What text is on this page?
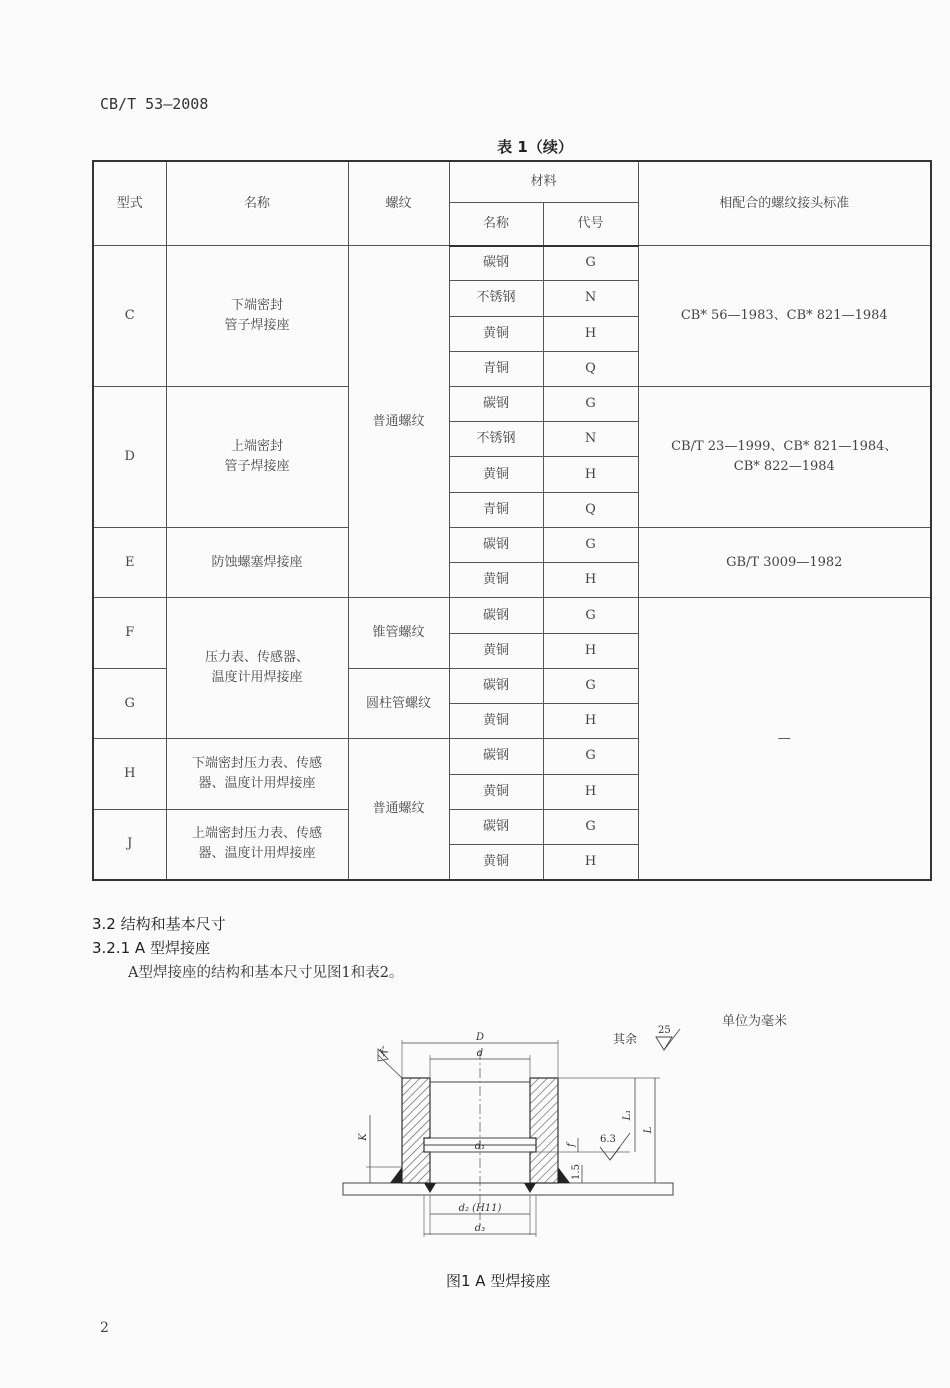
CB/T 53—2008
表 1（续）
型式	名称	螺纹	材料		相配合的螺纹接头标准
			名称	代号	
C	下端密封
管子焊接座	普通螺纹	碳钢	G	CB* 56—1983、CB* 821—1984
			不锈钢	N	
			黄铜	H	
			青铜	Q	
D	上端密封
管子焊接座		碳钢	G	CB/T 23—1999、CB* 821—1984、
CB* 822—1984
			不锈钢	N	
			黄铜	H	
			青铜	Q	
E	防蚀螺塞焊接座		碳钢	G	GB/T 3009—1982
			黄铜	H	
F	压力表、传感器、
温度计用焊接座	锥管螺纹	碳钢	G	—
			黄铜	H	
G		圆柱管螺纹	碳钢	G	
			黄铜	H	
H	下端密封压力表、传感
器、温度计用焊接座	普通螺纹	碳钢	G	
			黄铜	H	
J	上端密封压力表、传感
器、温度计用焊接座		碳钢	G	
			黄铜	H	
3.2 结构和基本尺寸
3.2.1 A 型焊接座
A型焊接座的结构和基本尺寸见图1和表2。
单位为毫米
D
d
d₁
d₂ (H11)
d₃
K
K
L₁
L
f
1.5
6.3
其余
25
图1 A 型焊接座
2
